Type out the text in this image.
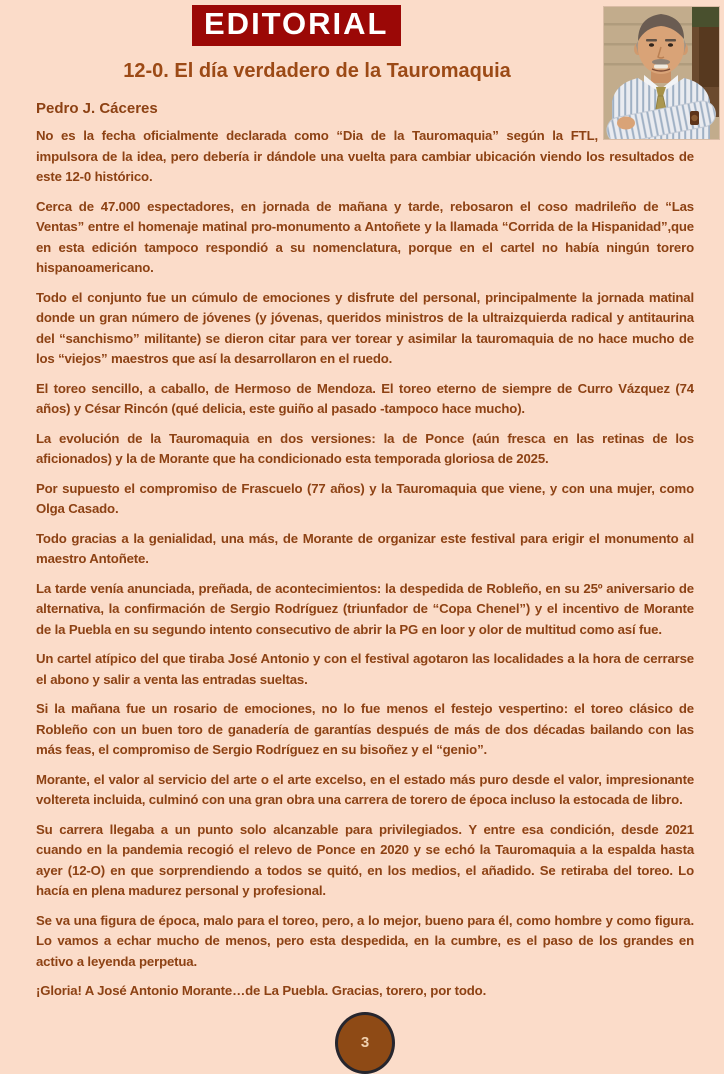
EDITORIAL
12-0. El día verdadero de la Tauromaquia

Pedro J. Cáceres

No es la fecha oficialmente declarada como “Dia de la Tauromaquia” según la FTL, impulsora de la idea, pero debería ir dándole una vuelta para cambiar ubicación viendo los resultados de este 12-0 histórico.

Cerca de 47.000 espectadores, en jornada de mañana y tarde, rebosaron el coso madrileño de “Las Ventas” entre el homenaje matinal pro-monumento a Antoñete y la llamada “Corrida de la Hispanidad”,que en esta edición tampoco respondió a su nomenclatura, porque en el cartel no había ningún torero hispanoamericano.

Todo el conjunto fue un cúmulo de emociones y disfrute del personal, principalmente la jornada matinal donde un gran número de jóvenes (y jóvenas, queridos ministros de la ultraizquierda radical y antitaurina del “sanchismo” militante) se dieron citar para ver torear y asimilar la tauromaquia de no hace mucho de los “viejos” maestros que así la desarrollaron en el ruedo.

El toreo sencillo, a caballo, de Hermoso de Mendoza. El toreo eterno de siempre de Curro Vázquez (74 años) y César Rincón (qué delicia, este guiño al pasado -tampoco hace mucho).

La evolución de la Tauromaquia en dos versiones: la de Ponce (aún fresca en las retinas de los aficionados) y la de Morante que ha condicionado esta temporada gloriosa de 2025.

Por supuesto el compromiso de Frascuelo (77 años) y la Tauromaquia que viene, y con una mujer, como Olga Casado.

Todo gracias a la genialidad, una más, de Morante de organizar este festival para erigir el monumento al maestro Antoñete.

La tarde venía anunciada, preñada, de acontecimientos: la despedida de Robleño, en su 25º aniversario de alternativa, la confirmación de Sergio Rodríguez (triunfador de “Copa Chenel”) y el incentivo de Morante de la Puebla en su segundo intento consecutivo de abrir la PG en loor y olor de multitud como así fue.

Un cartel atípico del que tiraba José Antonio y con el festival agotaron las localidades a la hora de cerrarse el abono y salir a venta las entradas sueltas.

Si la mañana fue un rosario de emociones, no lo fue menos el festejo vespertino: el toreo clásico de Robleño con un buen toro de ganadería de garantías después de más de dos décadas bailando con las más feas, el compromiso de Sergio Rodríguez en su bisoñez y el “genio”.

Morante, el valor al servicio del arte o el arte excelso, en el estado más puro desde el valor, impresionante voltereta incluida, culminó con una gran obra una carrera de torero de época incluso la estocada de libro.

Su carrera llegaba a un punto solo alcanzable para privilegiados. Y entre esa condición, desde 2021 cuando en la pandemia recogió el relevo de Ponce en 2020 y se echó la Tauromaquia a la espalda hasta ayer (12-O) en que sorprendiendo a todos se quitó, en los medios, el añadido. Se retiraba del toreo. Lo hacía en plena madurez personal y profesional.

Se va una figura de época, malo para el toreo, pero, a lo mejor, bueno para él, como hombre y como figura. Lo vamos a echar mucho de menos, pero esta despedida, en la cumbre, es el paso de los grandes en activo a leyenda perpetua.

¡Gloria! A José Antonio Morante…de La Puebla. Gracias, torero, por todo.

3
